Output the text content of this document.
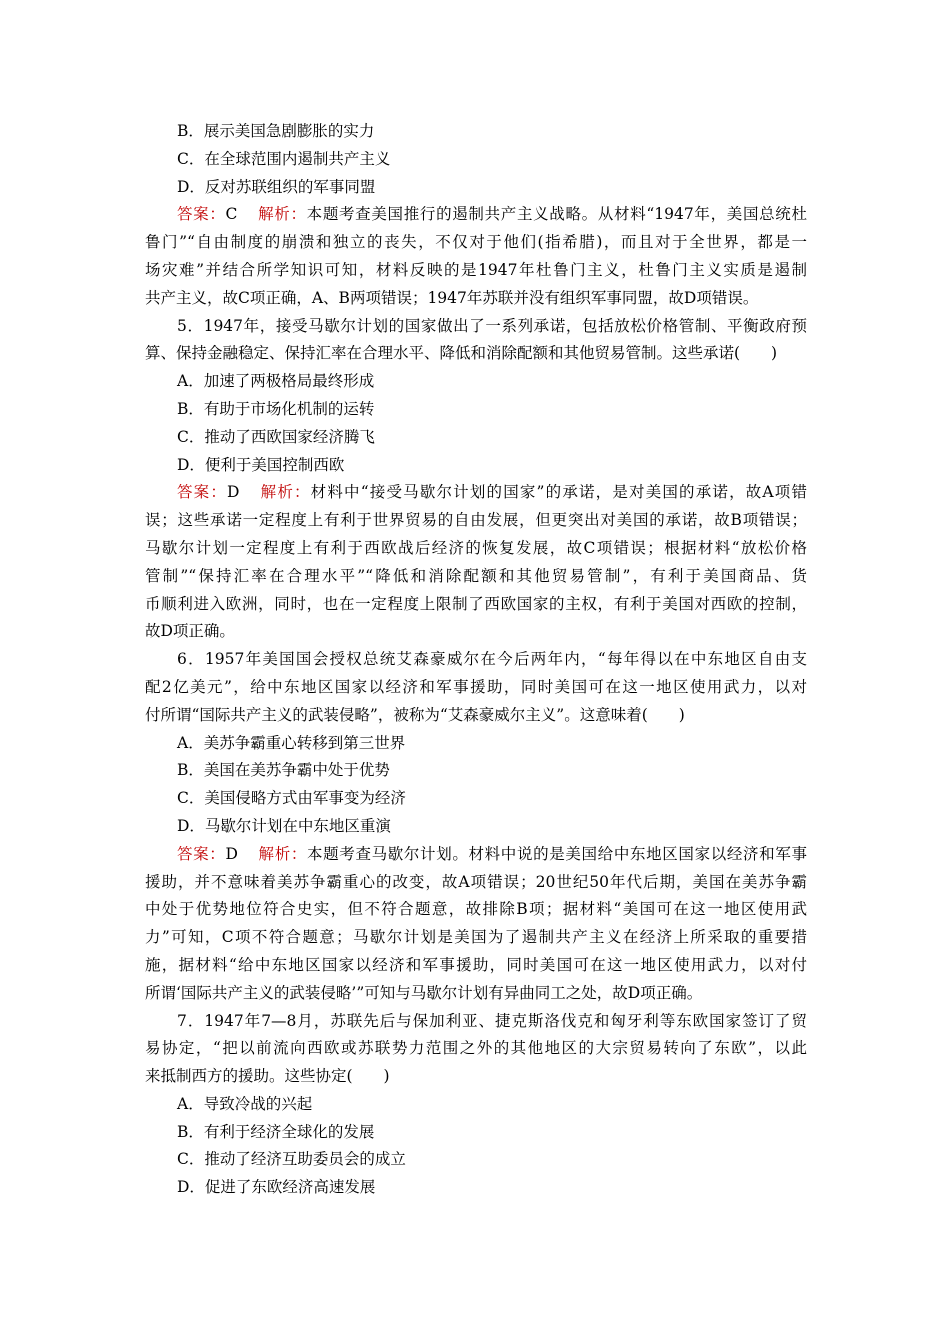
B．展示美国急剧膨胀的实力
C．在全球范围内遏制共产主义
D．反对苏联组织的军事同盟
答案：C 解析：本题考查美国推行的遏制共产主义战略。从材料“1947年，美国总统杜
鲁门”“自由制度的崩溃和独立的丧失，不仅对于他们(指希腊)，而且对于全世界，都是一
场灾难”并结合所学知识可知，材料反映的是1947年杜鲁门主义，杜鲁门主义实质是遏制
共产主义，故C项正确，A、B两项错误；1947年苏联并没有组织军事同盟，故D项错误。
5．1947年，接受马歇尔计划的国家做出了一系列承诺，包括放松价格管制、平衡政府预
算、保持金融稳定、保持汇率在合理水平、降低和消除配额和其他贸易管制。这些承诺(　　)
A．加速了两极格局最终形成
B．有助于市场化机制的运转
C．推动了西欧国家经济腾飞
D．便利于美国控制西欧
答案：D 解析：材料中“接受马歇尔计划的国家”的承诺，是对美国的承诺，故A项错
误；这些承诺一定程度上有利于世界贸易的自由发展，但更突出对美国的承诺，故B项错误；
马歇尔计划一定程度上有利于西欧战后经济的恢复发展，故C项错误；根据材料“放松价格
管制”“保持汇率在合理水平”“降低和消除配额和其他贸易管制”，有利于美国商品、货
币顺利进入欧洲，同时，也在一定程度上限制了西欧国家的主权，有利于美国对西欧的控制，
故D项正确。
6．1957年美国国会授权总统艾森豪威尔在今后两年内，“每年得以在中东地区自由支
配2亿美元”，给中东地区国家以经济和军事援助，同时美国可在这一地区使用武力，以对
付所谓“国际共产主义的武装侵略”，被称为“艾森豪威尔主义”。这意味着(　　)
A．美苏争霸重心转移到第三世界
B．美国在美苏争霸中处于优势
C．美国侵略方式由军事变为经济
D．马歇尔计划在中东地区重演
答案：D 解析：本题考查马歇尔计划。材料中说的是美国给中东地区国家以经济和军事
援助，并不意味着美苏争霸重心的改变，故A项错误；20世纪50年代后期，美国在美苏争霸
中处于优势地位符合史实，但不符合题意，故排除B项；据材料“美国可在这一地区使用武
力”可知，C项不符合题意；马歇尔计划是美国为了遏制共产主义在经济上所采取的重要措
施，据材料“给中东地区国家以经济和军事援助，同时美国可在这一地区使用武力，以对付
所谓‘国际共产主义的武装侵略’”可知与马歇尔计划有异曲同工之处，故D项正确。
7．1947年7—8月，苏联先后与保加利亚、捷克斯洛伐克和匈牙利等东欧国家签订了贸
易协定，“把以前流向西欧或苏联势力范围之外的其他地区的大宗贸易转向了东欧”，以此
来抵制西方的援助。这些协定(　　)
A．导致冷战的兴起
B．有利于经济全球化的发展
C．推动了经济互助委员会的成立
D．促进了东欧经济高速发展
